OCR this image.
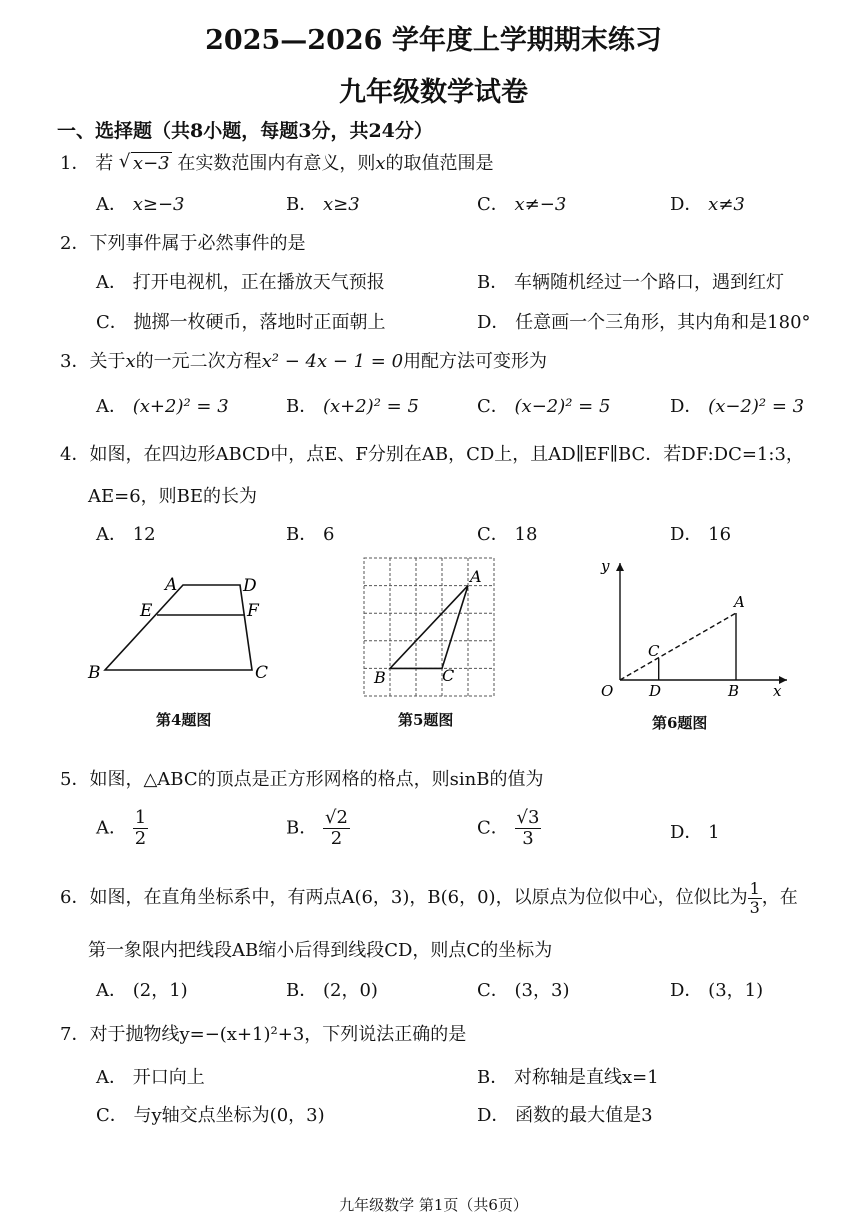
2025—2026 学年度上学期期末练习
九年级数学试卷
一、选择题（共8小题，每题3分，共24分）
1． 若 √ x−3 在实数范围内有意义，则x的取值范围是
A． x≥−3	B． x≥3	C． x≠−3	D． x≠3
2．下列事件属于必然事件的是
A． 打开电视机，正在播放天气预报	B． 车辆随机经过一个路口，遇到红灯
C． 抛掷一枚硬币，落地时正面朝上	D． 任意画一个三角形，其内角和是180°
3．关于x的一元二次方程x² − 4x − 1 = 0用配方法可变形为
A． (x+2)² = 3	B． (x+2)² = 5	C． (x−2)² = 5	D． (x−2)² = 3
4．如图，在四边形ABCD中，点E、F分别在AB，CD上，且AD∥EF∥BC．若DF:DC=1:3，
AE=6，则BE的长为
A． 12	B． 6	C． 18	D． 16
A	D
E	F
B	C
第4题图
A
B	C
第5题图
y
A
C
O D	B x
第6题图
5．如图，△ABC的顶点是正方形网格的格点，则sinB的值为
A． $\frac{1}{2}$	B． $\frac{√2}{2}$	C． $\frac{√3}{3}$	D． 1
6．如图，在直角坐标系中，有两点A(6，3)，B(6，0)，以原点为位似中心，位似比为 $\frac{1}{3}$ ，在
第一象限内把线段AB缩小后得到线段CD，则点C的坐标为
A． (2，1)	B． (2，0)	C． (3，3)	D． (3，1)
7．对于抛物线y=−(x+1)²+3，下列说法正确的是
A． 开口向上	B． 对称轴是直线x=1
C． 与y轴交点坐标为(0，3)	D． 函数的最大值是3
九年级数学 第1页（共6页）
